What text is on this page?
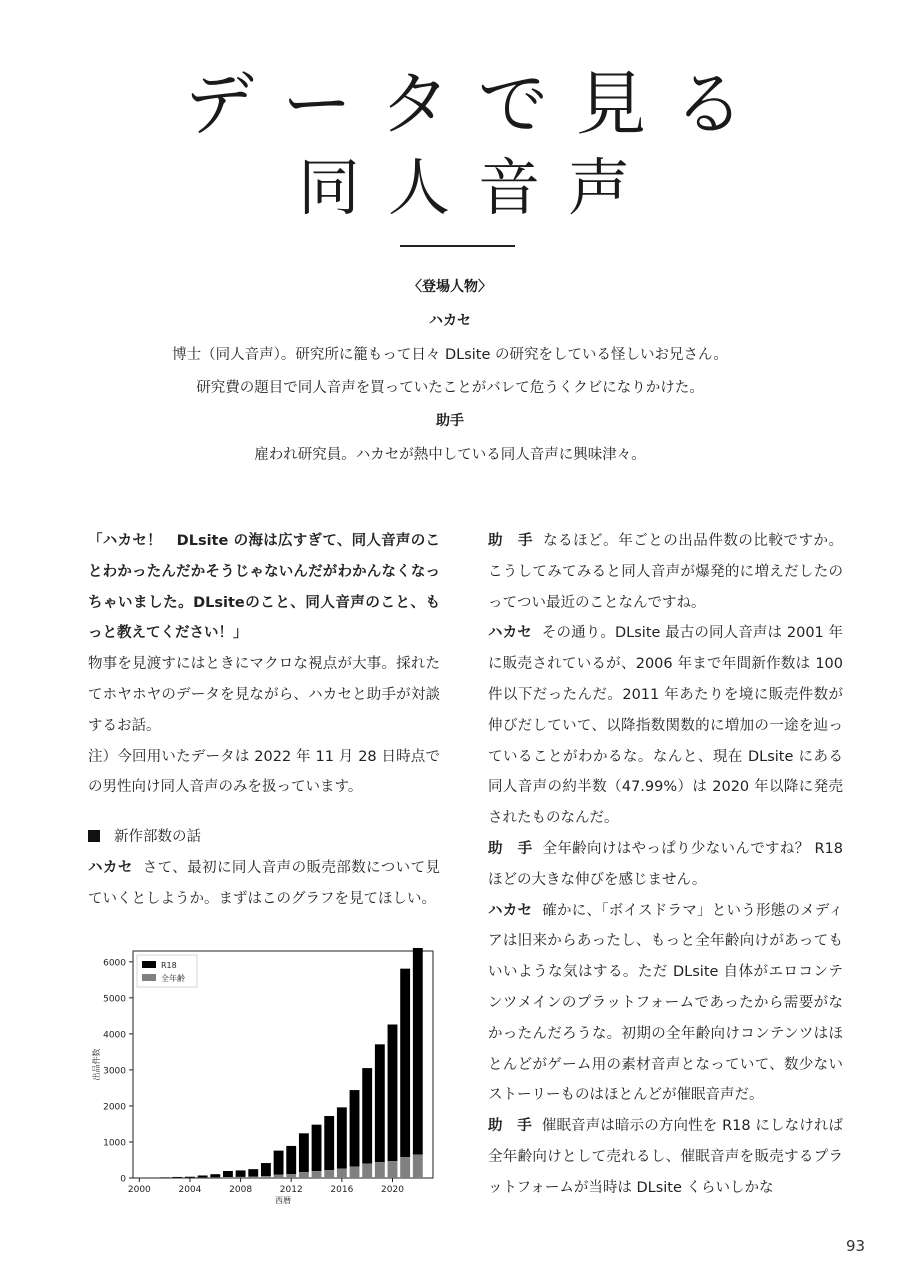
データで見る
同人音声

〈登場人物〉

ハカセ

博士（同人音声）。研究所に籠もって日々 DLsite の研究をしている怪しいお兄さん。

研究費の題目で同人音声を買っていたことがバレて危うくクビになりかけた。

助手

雇われ研究員。ハカセが熱中している同人音声に興味津々。

「ハカセ！　DLsite の海は広すぎて、同人音声のことわかったんだかそうじゃないんだがわかんなくなっちゃいました。DLsiteのこと、同人音声のこと、もっと教えてください！」

物事を見渡すにはときにマクロな視点が大事。採れたてホヤホヤのデータを見ながら、ハカセと助手が対談するお話。

注）今回用いたデータは 2022 年 11 月 28 日時点での男性向け同人音声のみを扱っています。

新作部数の話

ハカセ さて、最初に同人音声の販売部数について見ていくとしようか。まずはこのグラフを見てほしい。

0
1000
2000
3000
4000
5000
6000
2000	2004	2008	2012	2016	2020
西暦
出品件数
R18
全年齢

助　手 なるほど。年ごとの出品件数の比較ですか。こうしてみてみると同人音声が爆発的に増えだしたのってつい最近のことなんですね。

ハカセ その通り。DLsite 最古の同人音声は 2001 年に販売されているが、2006 年まで年間新作数は 100 件以下だったんだ。2011 年あたりを境に販売件数が伸びだしていて、以降指数関数的に増加の一途を辿っていることがわかるな。なんと、現在 DLsite にある同人音声の約半数（47.99%）は 2020 年以降に発売されたものなんだ。

助　手 全年齢向けはやっぱり少ないんですね？ R18 ほどの大きな伸びを感じません。

ハカセ 確かに、「ボイスドラマ」という形態のメディアは旧来からあったし、もっと全年齢向けがあってもいいような気はする。ただ DLsite 自体がエロコンテンツメインのプラットフォームであったから需要がなかったんだろうな。初期の全年齢向けコンテンツはほとんどがゲーム用の素材音声となっていて、数少ないストーリーものはほとんどが催眠音声だ。

助　手 催眠音声は暗示の方向性を R18 にしなければ全年齢向けとして売れるし、催眠音声を販売するプラットフォームが当時は DLsite くらいしかな

93
